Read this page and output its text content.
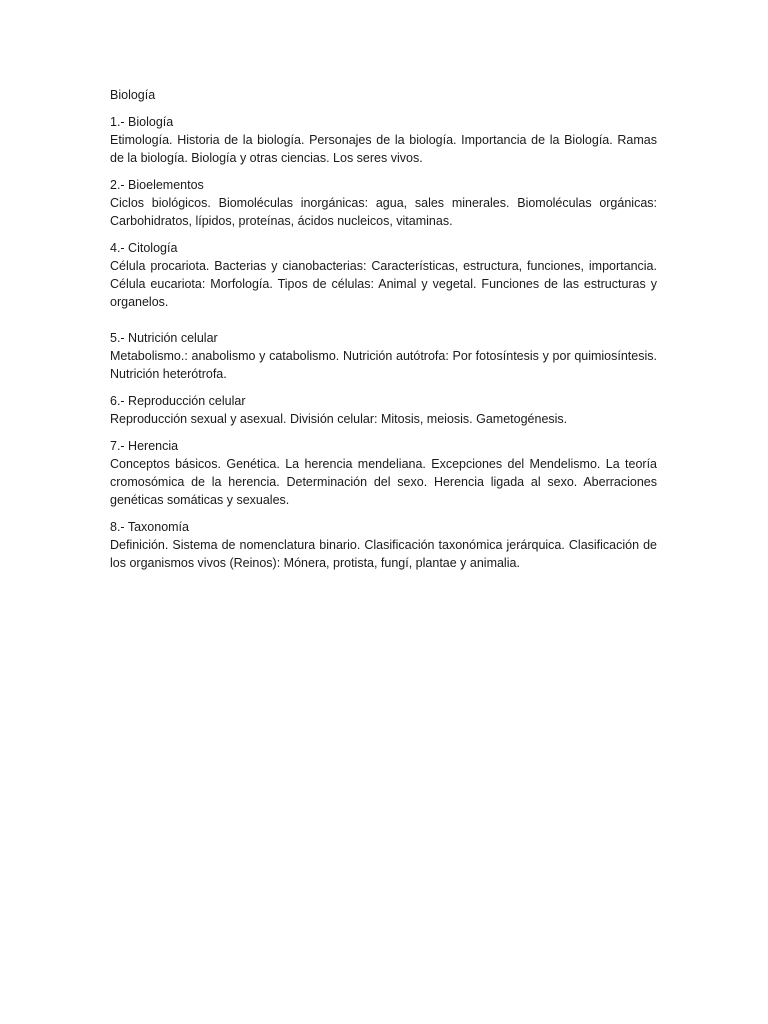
Biología

1.- Biología

Etimología. Historia de la biología. Personajes de la biología. Importancia de la Biología. Ramas de la biología. Biología y otras ciencias. Los seres vivos.

2.- Bioelementos

Ciclos biológicos. Biomoléculas inorgánicas: agua, sales minerales. Biomoléculas orgánicas: Carbohidratos, lípidos, proteínas, ácidos nucleicos, vitaminas.

4.- Citología

Célula procariota. Bacterias y cianobacterias: Características, estructura, funciones, importancia. Célula eucariota: Morfología. Tipos de células: Animal y vegetal. Funciones de las estructuras y organelos.

5.- Nutrición celular

Metabolismo.: anabolismo y catabolismo. Nutrición autótrofa: Por fotosíntesis y por quimiosíntesis. Nutrición heterótrofa.

6.- Reproducción celular

Reproducción sexual y asexual. División celular: Mitosis, meiosis. Gametogénesis.

7.- Herencia

Conceptos básicos. Genética. La herencia mendeliana. Excepciones del Mendelismo. La teoría cromosómica de la herencia. Determinación del sexo. Herencia ligada al sexo. Aberraciones genéticas somáticas y sexuales.

8.- Taxonomía

Definición. Sistema de nomenclatura binario. Clasificación taxonómica jerárquica. Clasificación de los organismos vivos (Reinos): Mónera, protista, fungí, plantae y animalia.
